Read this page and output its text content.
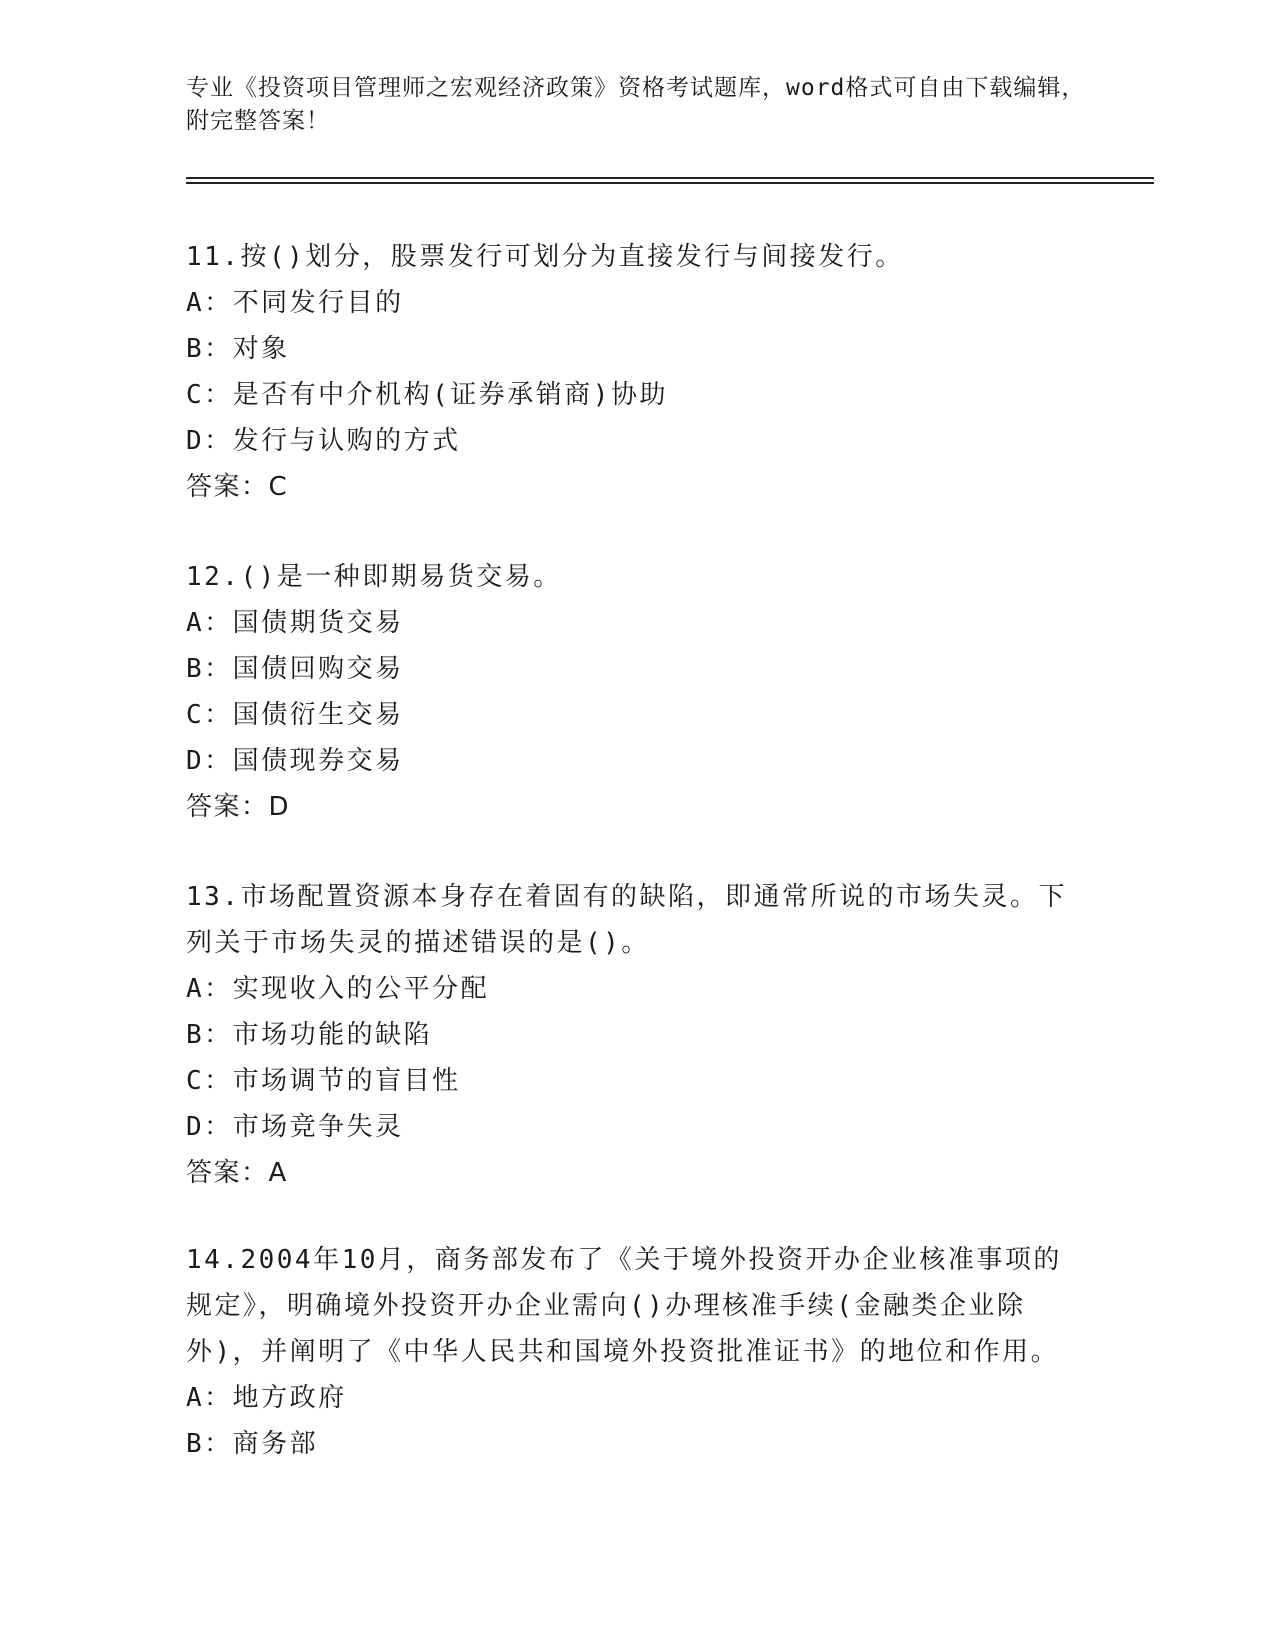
专业《投资项目管理师之宏观经济政策》资格考试题库，word格式可自由下载编辑，附完整答案！

11.按()划分，股票发行可划分为直接发行与间接发行。

A：不同发行目的

B：对象

C：是否有中介机构(证券承销商)协助

D：发行与认购的方式

答案：C

12.()是一种即期易货交易。

A：国债期货交易

B：国债回购交易

C：国债衍生交易

D：国债现券交易

答案：D

13.市场配置资源本身存在着固有的缺陷，即通常所说的市场失灵。下列关于市场失灵的描述错误的是()。

A：实现收入的公平分配

B：市场功能的缺陷

C：市场调节的盲目性

D：市场竞争失灵

答案：A

14.2004年10月，商务部发布了《关于境外投资开办企业核准事项的规定》，明确境外投资开办企业需向()办理核准手续(金融类企业除外)，并阐明了《中华人民共和国境外投资批准证书》的地位和作用。

A：地方政府

B：商务部
